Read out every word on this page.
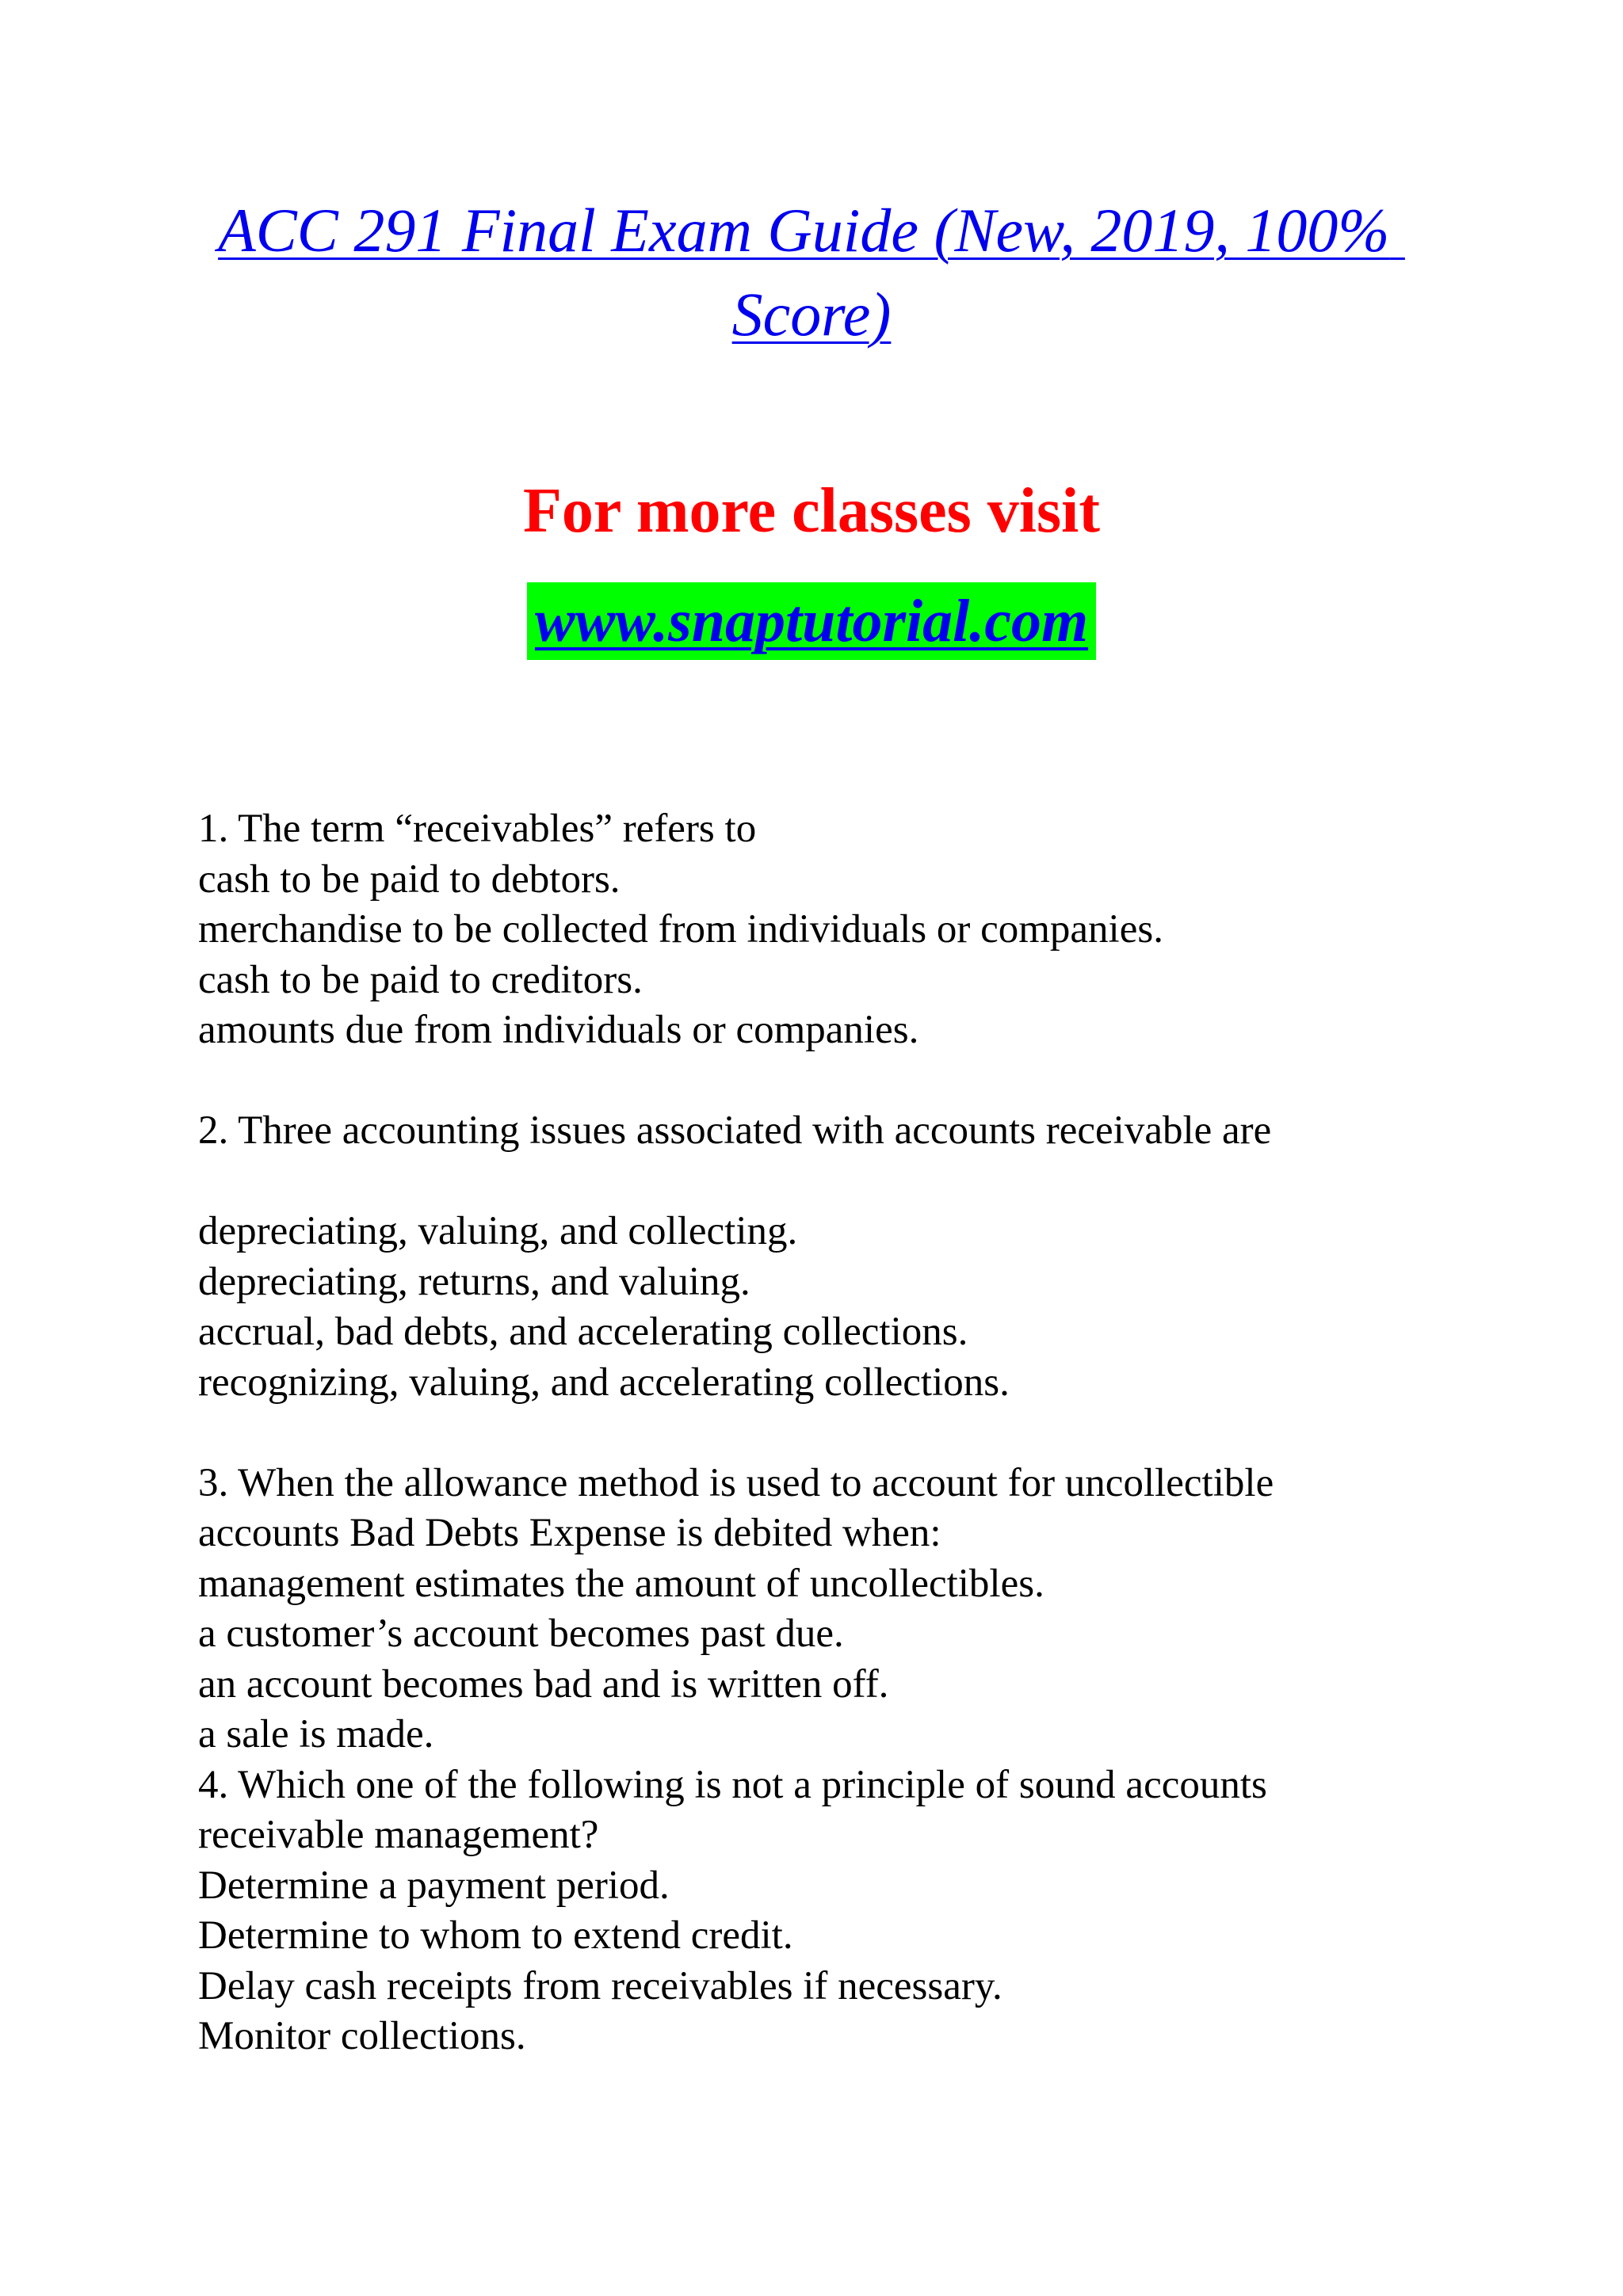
ACC 291 Final Exam Guide (New, 2019, 100%
Score)

For more classes visit

www.snaptutorial.com
1. The term “receivables” refers to
cash to be paid to debtors.
merchandise to be collected from individuals or companies.
cash to be paid to creditors.
amounts due from individuals or companies.
2. Three accounting issues associated with accounts receivable are
depreciating, valuing, and collecting.
depreciating, returns, and valuing.
accrual, bad debts, and accelerating collections.
recognizing, valuing, and accelerating collections.
3. When the allowance method is used to account for uncollectible
accounts Bad Debts Expense is debited when:
management estimates the amount of uncollectibles.
a customer’s account becomes past due.
an account becomes bad and is written off.
a sale is made.
4. Which one of the following is not a principle of sound accounts
receivable management?
Determine a payment period.
Determine to whom to extend credit.
Delay cash receipts from receivables if necessary.
Monitor collections.
